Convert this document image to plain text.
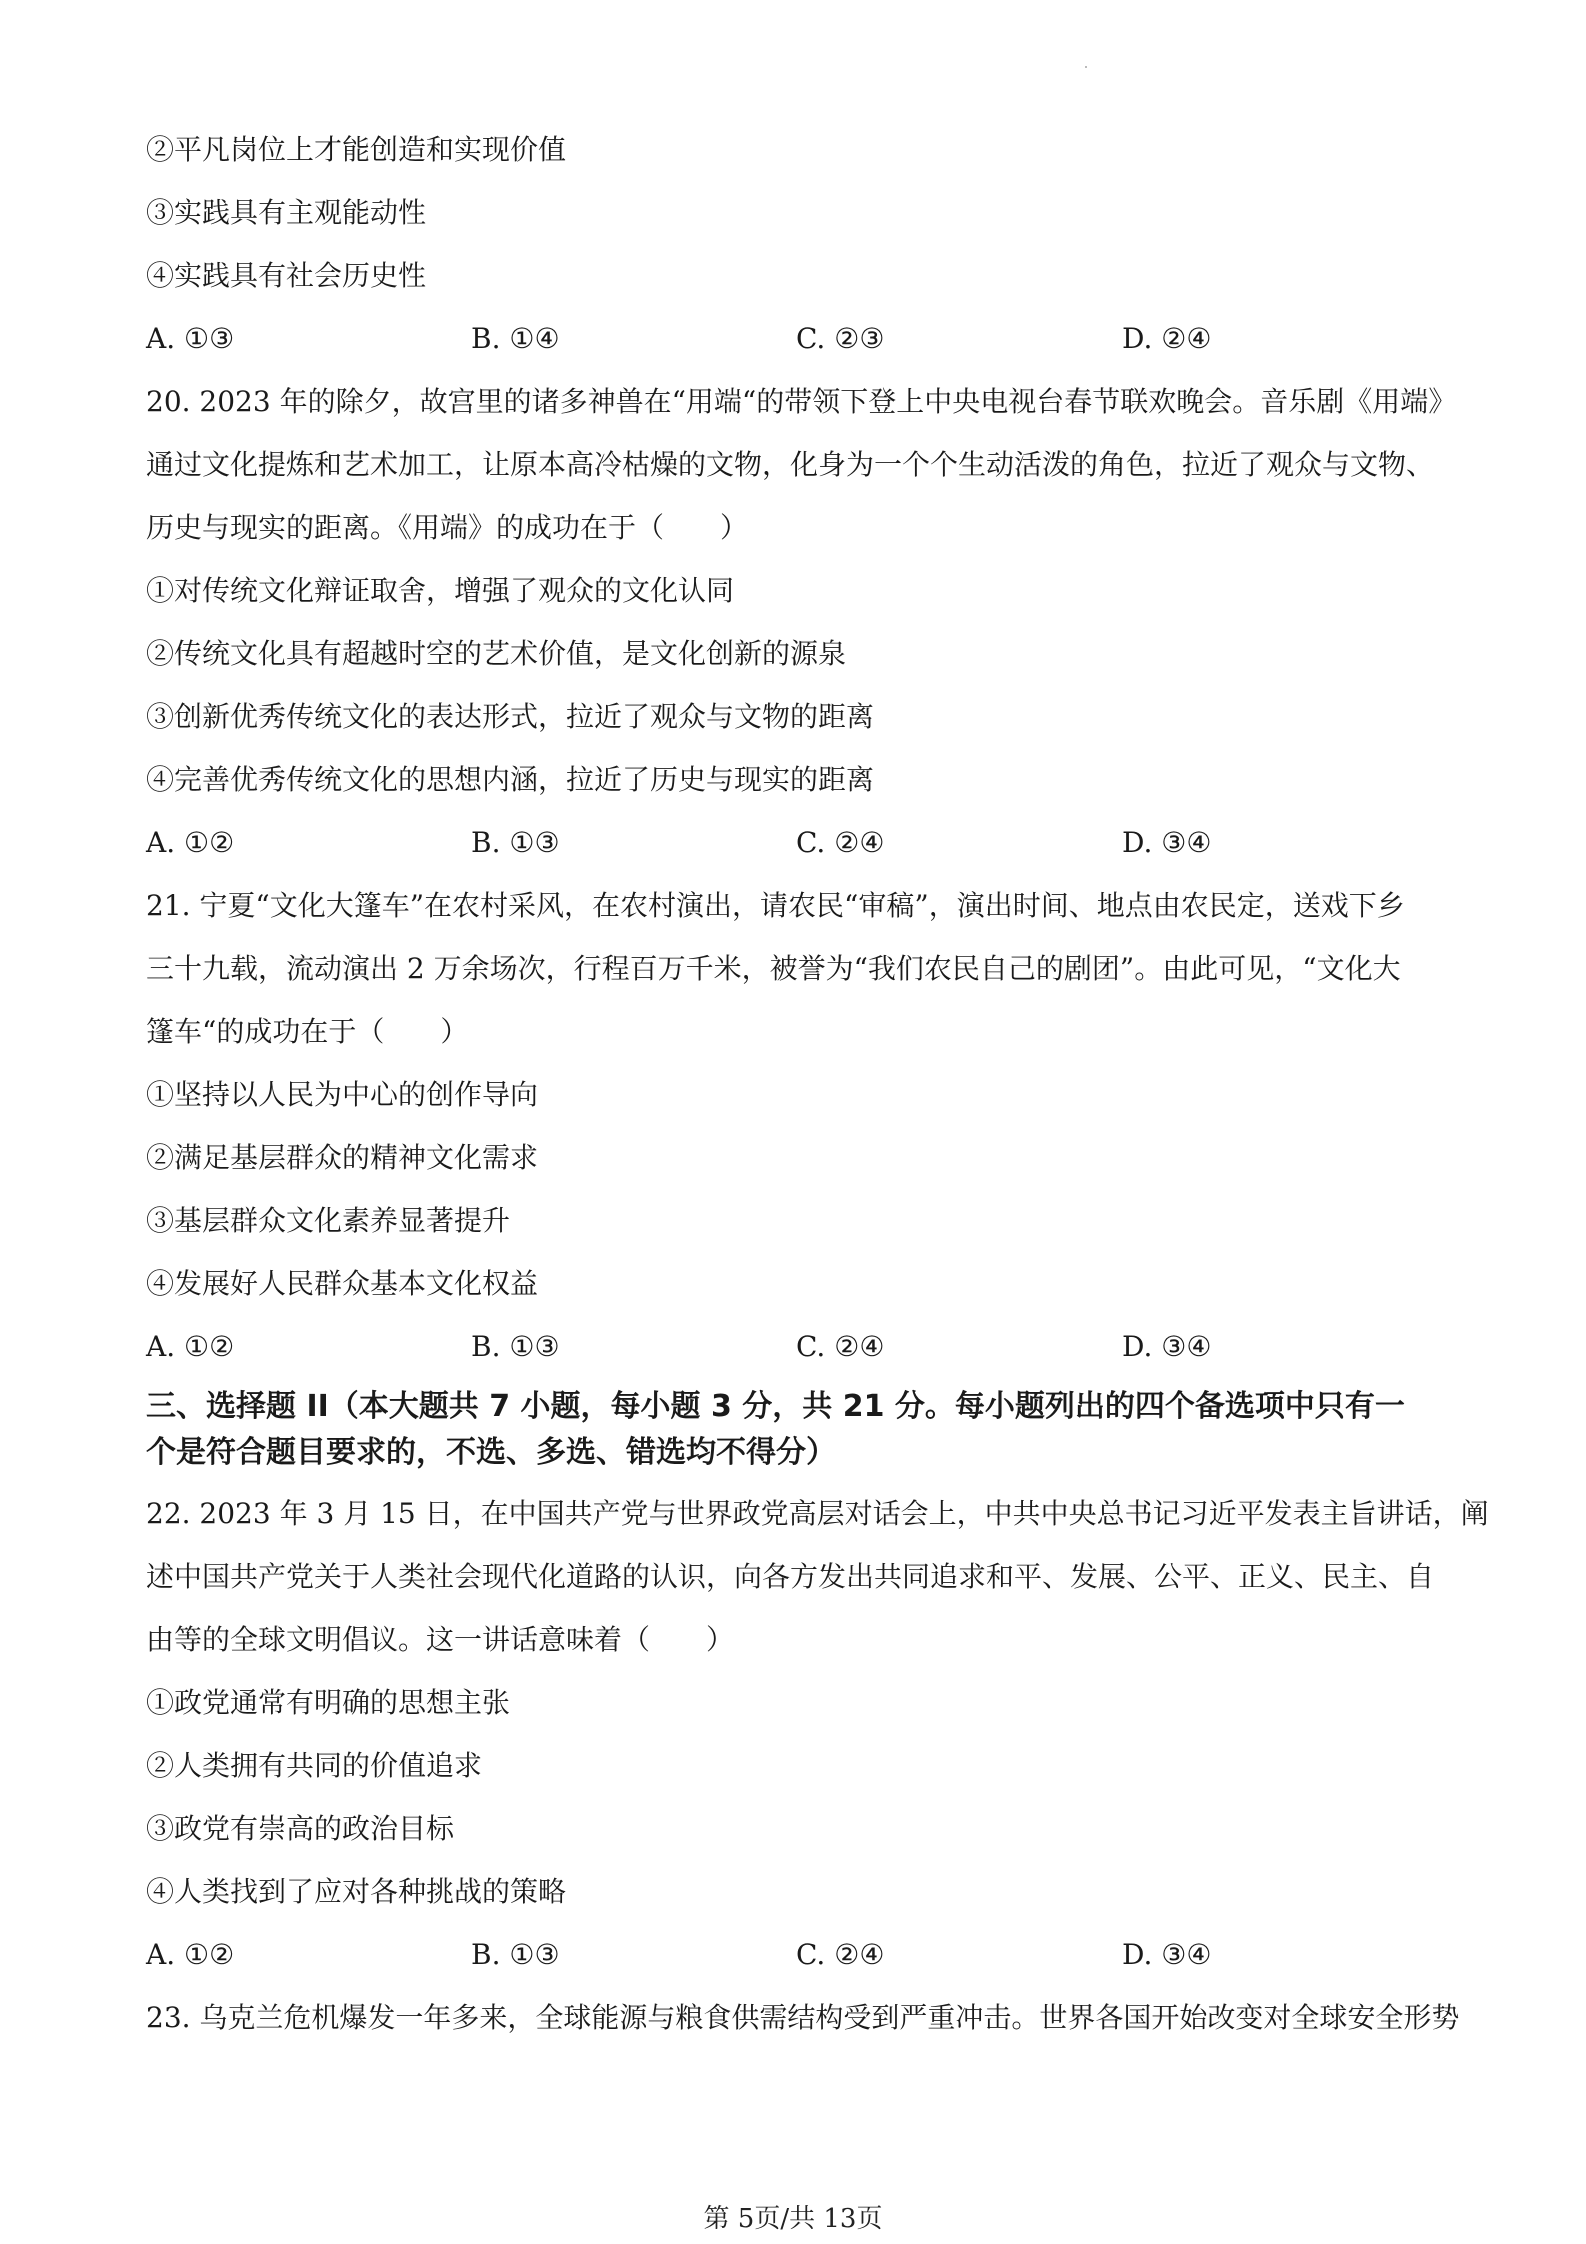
②平凡岗位上才能创造和实现价值
③实践具有主观能动性
④实践具有社会历史性
A. ①③	B. ①④	C. ②③	D. ②④
20. 2023 年的除夕，故宫里的诸多神兽在“用端“的带领下登上中央电视台春节联欢晚会。音乐剧《用端》
通过文化提炼和艺术加工，让原本高冷枯燥的文物，化身为一个个生动活泼的角色，拉近了观众与文物、
历史与现实的距离。《用端》的成功在于（　　）
①对传统文化辩证取舍，增强了观众的文化认同
②传统文化具有超越时空的艺术价值，是文化创新的源泉
③创新优秀传统文化的表达形式，拉近了观众与文物的距离
④完善优秀传统文化的思想内涵，拉近了历史与现实的距离
A. ①②	B. ①③	C. ②④	D. ③④
21. 宁夏“文化大篷车”在农村采风，在农村演出，请农民“审稿”，演出时间、地点由农民定，送戏下乡
三十九载，流动演出 2 万余场次，行程百万千米，被誉为“我们农民自己的剧团”。由此可见，“文化大
篷车“的成功在于（　　）
①坚持以人民为中心的创作导向
②满足基层群众的精神文化需求
③基层群众文化素养显著提升
④发展好人民群众基本文化权益
A. ①②	B. ①③	C. ②④	D. ③④
三、选择题 II（本大题共 7 小题，每小题 3 分，共 21 分。每小题列出的四个备选项中只有一
个是符合题目要求的，不选、多选、错选均不得分）
22. 2023 年 3 月 15 日，在中国共产党与世界政党高层对话会上，中共中央总书记习近平发表主旨讲话，阐
述中国共产党关于人类社会现代化道路的认识，向各方发出共同追求和平、发展、公平、正义、民主、自
由等的全球文明倡议。这一讲话意味着（　　）
①政党通常有明确的思想主张
②人类拥有共同的价值追求
③政党有崇高的政治目标
④人类找到了应对各种挑战的策略
A. ①②	B. ①③	C. ②④	D. ③④
23. 乌克兰危机爆发一年多来，全球能源与粮食供需结构受到严重冲击。世界各国开始改变对全球安全形势
第 5页/共 13页
